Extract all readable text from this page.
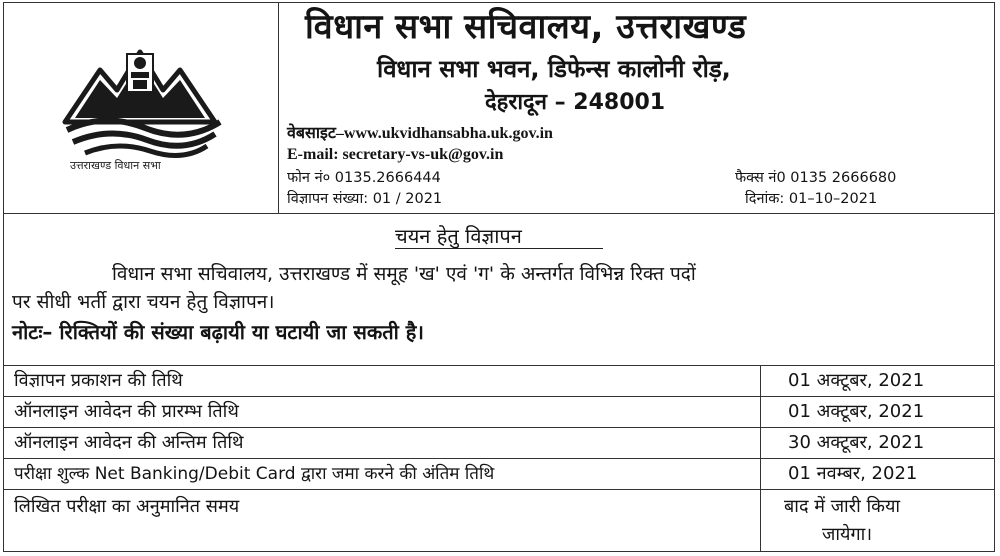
उत्तराखण्ड विधान सभा
विधान सभा सचिवालय, उत्तराखण्ड
विधान सभा भवन, डिफेन्स कालोनी रोड़,
देहरादून – 248001
वेबसाइट–www.ukvidhansabha.uk.gov.in
E-mail: secretary-vs-uk@gov.in
फोन नं० 0135.2666444	फैक्स नं0 0135 2666680
विज्ञापन संख्या: 01 / 2021	दिनांक: 01–10–2021
चयन हेतु विज्ञापन
विधान सभा सचिवालय, उत्तराखण्ड में समूह 'ख' एवं 'ग' के अन्तर्गत विभिन्न रिक्त पदों
पर सीधी भर्ती द्वारा चयन हेतु विज्ञापन।
नोटः– रिक्तियों की संख्या बढ़ायी या घटायी जा सकती है।
विज्ञापन प्रकाशन की तिथि	01 अक्टूबर, 2021
ऑनलाइन आवेदन की प्रारम्भ तिथि	01 अक्टूबर, 2021
ऑनलाइन आवेदन की अन्तिम तिथि	30 अक्टूबर, 2021
परीक्षा शुल्क Net Banking/Debit Card द्वारा जमा करने की अंतिम तिथि	01 नवम्बर, 2021
लिखित परीक्षा का अनुमानित समय	बाद में जारी किया
जायेगा।
